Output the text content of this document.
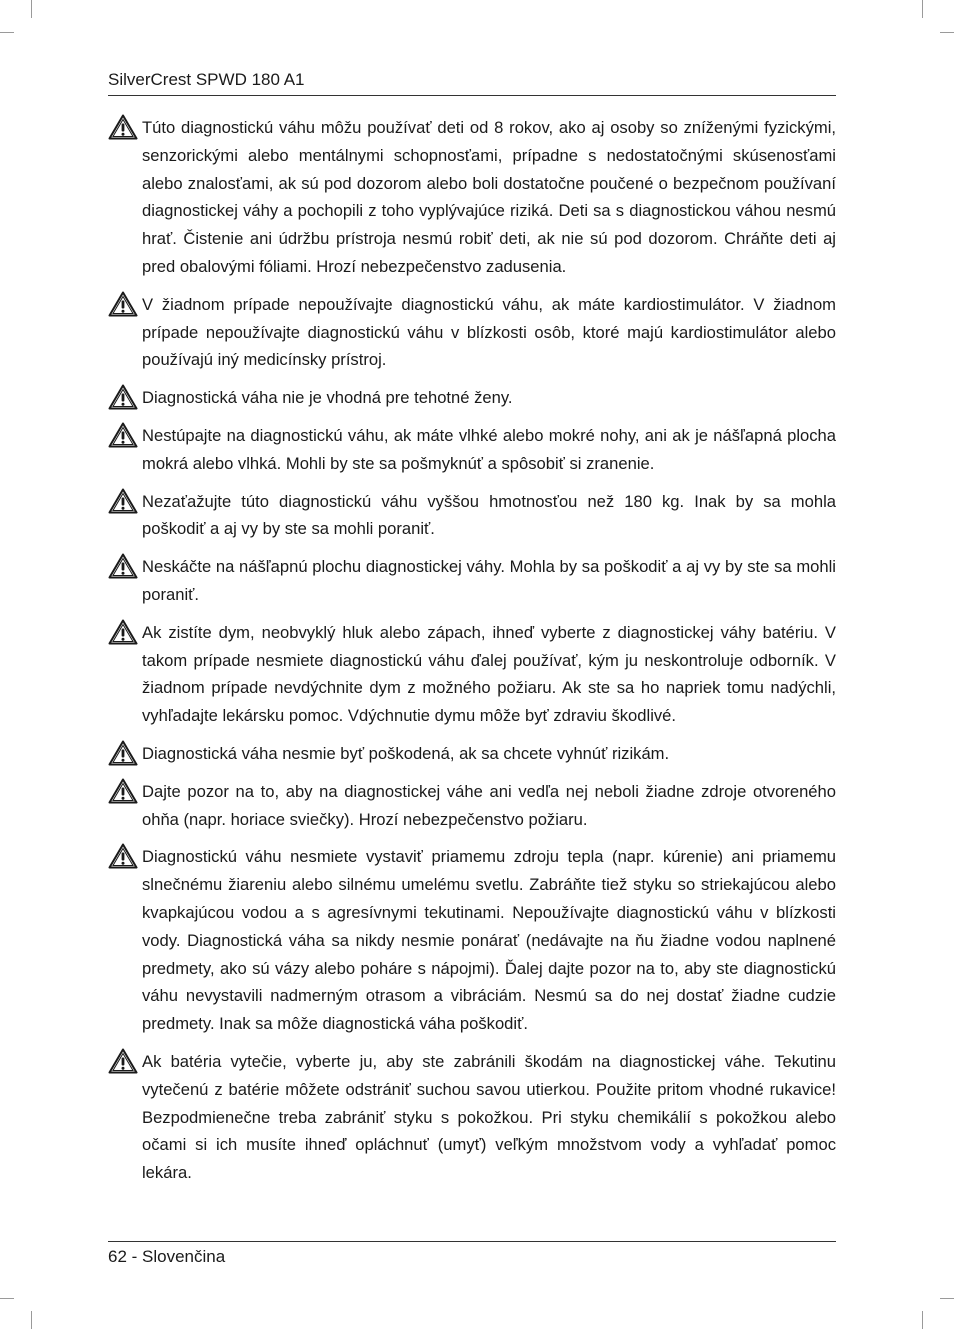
SilverCrest SPWD 180 A1

Túto diagnostickú váhu môžu používať deti od 8 rokov, ako aj osoby so zníženými fyzickými, senzorickými alebo mentálnymi schopnosťami, prípadne s nedostatočnými skúsenosťami alebo znalosťami, ak sú pod dozorom alebo boli dostatočne poučené o bezpečnom používaní diagnostickej váhy a pochopili z toho vyplývajúce riziká. Deti sa s diagnostickou váhou nesmú hrať. Čistenie ani údržbu prístroja nesmú robiť deti, ak nie sú pod dozorom. Chráňte deti aj pred obalovými fóliami. Hrozí nebezpečenstvo zadusenia.

V žiadnom prípade nepoužívajte diagnostickú váhu, ak máte kardiostimulátor. V žiadnom prípade nepoužívajte diagnostickú váhu v blízkosti osôb, ktoré majú kardiostimulátor alebo používajú iný medicínsky prístroj.

Diagnostická váha nie je vhodná pre tehotné ženy.

Nestúpajte na diagnostickú váhu, ak máte vlhké alebo mokré nohy, ani ak je nášľapná plocha mokrá alebo vlhká. Mohli by ste sa pošmyknúť a spôsobiť si zranenie.

Nezaťažujte túto diagnostickú váhu vyššou hmotnosťou než 180 kg. Inak by sa mohla poškodiť a aj vy by ste sa mohli poraniť.

Neskáčte na nášľapnú plochu diagnostickej váhy. Mohla by sa poškodiť a aj vy by ste sa mohli poraniť.

Ak zistíte dym, neobvyklý hluk alebo zápach, ihneď vyberte z diagnostickej váhy batériu. V takom prípade nesmiete diagnostickú váhu ďalej používať, kým ju neskontroluje odborník. V žiadnom prípade nevdýchnite dym z možného požiaru. Ak ste sa ho napriek tomu nadýchli, vyhľadajte lekársku pomoc. Vdýchnutie dymu môže byť zdraviu škodlivé.

Diagnostická váha nesmie byť poškodená, ak sa chcete vyhnúť rizikám.

Dajte pozor na to, aby na diagnostickej váhe ani vedľa nej neboli žiadne zdroje otvoreného ohňa (napr. horiace sviečky). Hrozí nebezpečenstvo požiaru.

Diagnostickú váhu nesmiete vystaviť priamemu zdroju tepla (napr. kúrenie) ani priamemu slnečnému žiareniu alebo silnému umelému svetlu. Zabráňte tiež styku so striekajúcou alebo kvapkajúcou vodou a s agresívnymi tekutinami. Nepoužívajte diagnostickú váhu v blízkosti vody. Diagnostická váha sa nikdy nesmie ponárať (nedávajte na ňu žiadne vodou naplnené predmety, ako sú vázy alebo poháre s nápojmi). Ďalej dajte pozor na to, aby ste diagnostickú váhu nevystavili nadmerným otrasom a vibráciám. Nesmú sa do nej dostať žiadne cudzie predmety. Inak sa môže diagnostická váha poškodiť.

Ak batéria vytečie, vyberte ju, aby ste zabránili škodám na diagnostickej váhe. Tekutinu vytečenú z batérie môžete odstrániť suchou savou utierkou. Použite pritom vhodné rukavice! Bezpodmienečne treba zabrániť styku s pokožkou. Pri styku chemikálií s pokožkou alebo očami si ich musíte ihneď opláchnuť (umyť) veľkým množstvom vody a vyhľadať pomoc lekára.

62 - Slovenčina
